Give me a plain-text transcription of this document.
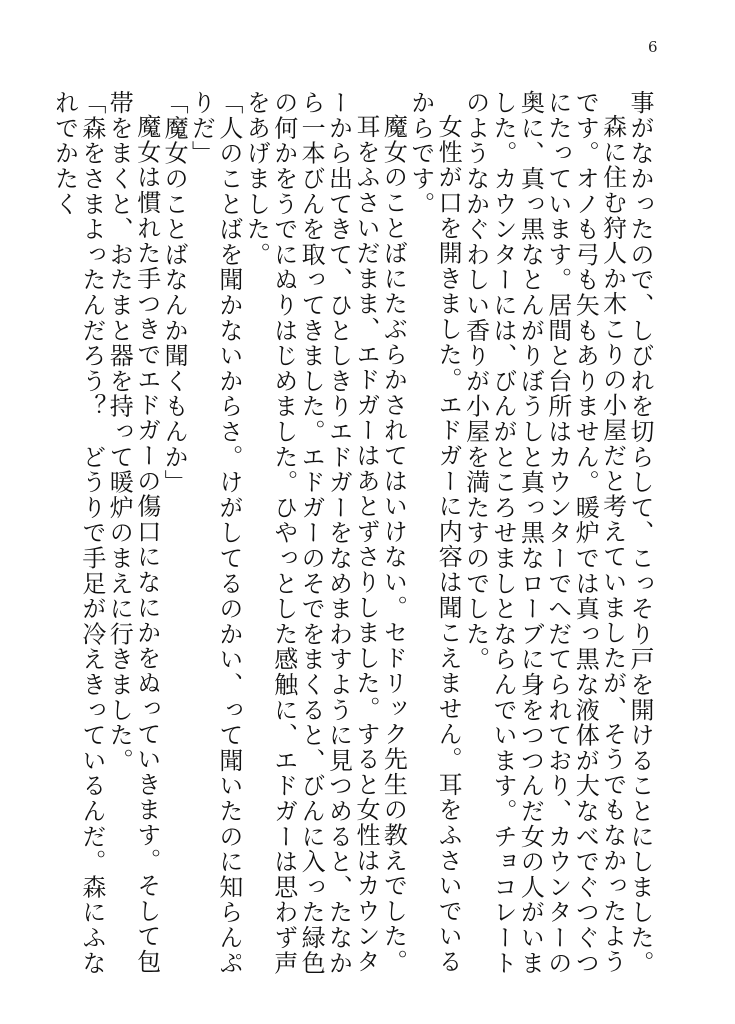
6

事がなかったので、しびれを切らして、こっそり戸を開けることにしました。

森に住む狩人か木こりの小屋だと考えていましたが、そうでもなかったようです。オノも弓も矢もありません。暖炉では真っ黒な液体が大なべでぐつぐつにたっています。居間と台所はカウンターでへだてられており、カウンターの奥に、真っ黒なとんがりぼうしと真っ黒なローブに身をつつんだ女の人がいました。カウンターには、びんがところせましとならんでいます。チョコレートのようなかぐわしい香りが小屋を満たすのでした。

女性が口を開きました。エドガーに内容は聞こえません。耳をふさいでいるからです。

魔女のことばにたぶらかされてはいけない。セドリック先生の教えでした。

耳をふさいだまま、エドガーはあとずさりしました。すると女性はカウンターから出てきて、ひとしきりエドガーをなめまわすように見つめると、たなから一本びんを取ってきました。エドガーのそでをまくると、びんに入った緑色の何かをうでにぬりはじめました。ひやっとした感触に、エドガーは思わず声をあげました。

「人のことばを聞かないからさ。けがしてるのかい、って聞いたのに知らんぷりだ」

「魔女のことばなんか聞くもんか」

魔女は慣れた手つきでエドガーの傷口になにかをぬっていきます。そして包帯をまくと、おたまと器を持って暖炉のまえに行きました。

「森をさまよったんだろう？　どうりで手足が冷えきっているんだ。森にふなれでかたく
